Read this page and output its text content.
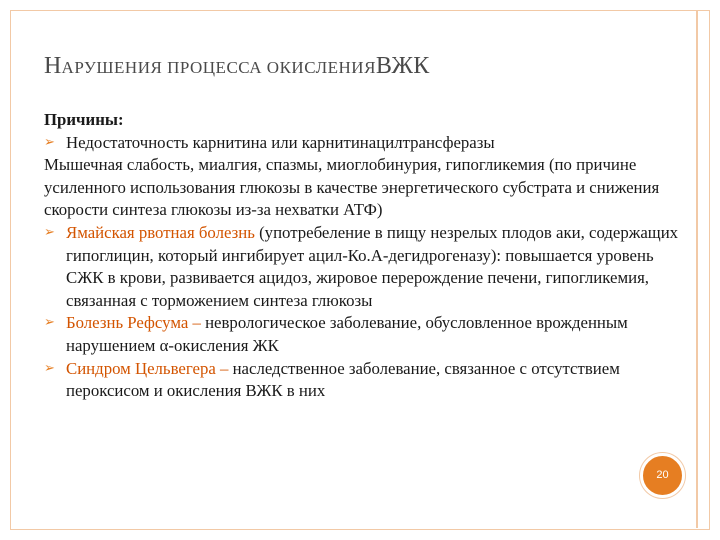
НАРУШЕНИЯ ПРОЦЕССА ОКИСЛЕНИЯВЖК

Причины:

➢ Недостаточность карнитина или карнитинацилтрансферазы

Мышечная слабость, миалгия, спазмы, миоглобинурия, гипогликемия (по причине усиленного использования глюкозы в качестве энергетического субстрата и снижения скорости синтеза глюкозы из-за нехватки АТФ)

➢ Ямайская рвотная болезнь (употребеление в пищу незрелых плодов аки, содержащих гипоглицин, который ингибирует ацил-Ко.А-дегидрогеназу): повышается уровень СЖК в крови, развивается ацидоз, жировое перерождение печени, гипогликемия, связанная с торможением синтеза глюкозы

➢ Болезнь Рефсума – неврологическое заболевание, обусловленное врожденным нарушением α-окисления ЖК

➢ Синдром Цельвегера – наследственное заболевание, связанное с отсутствием пероксисом и окисления ВЖК в них

20
